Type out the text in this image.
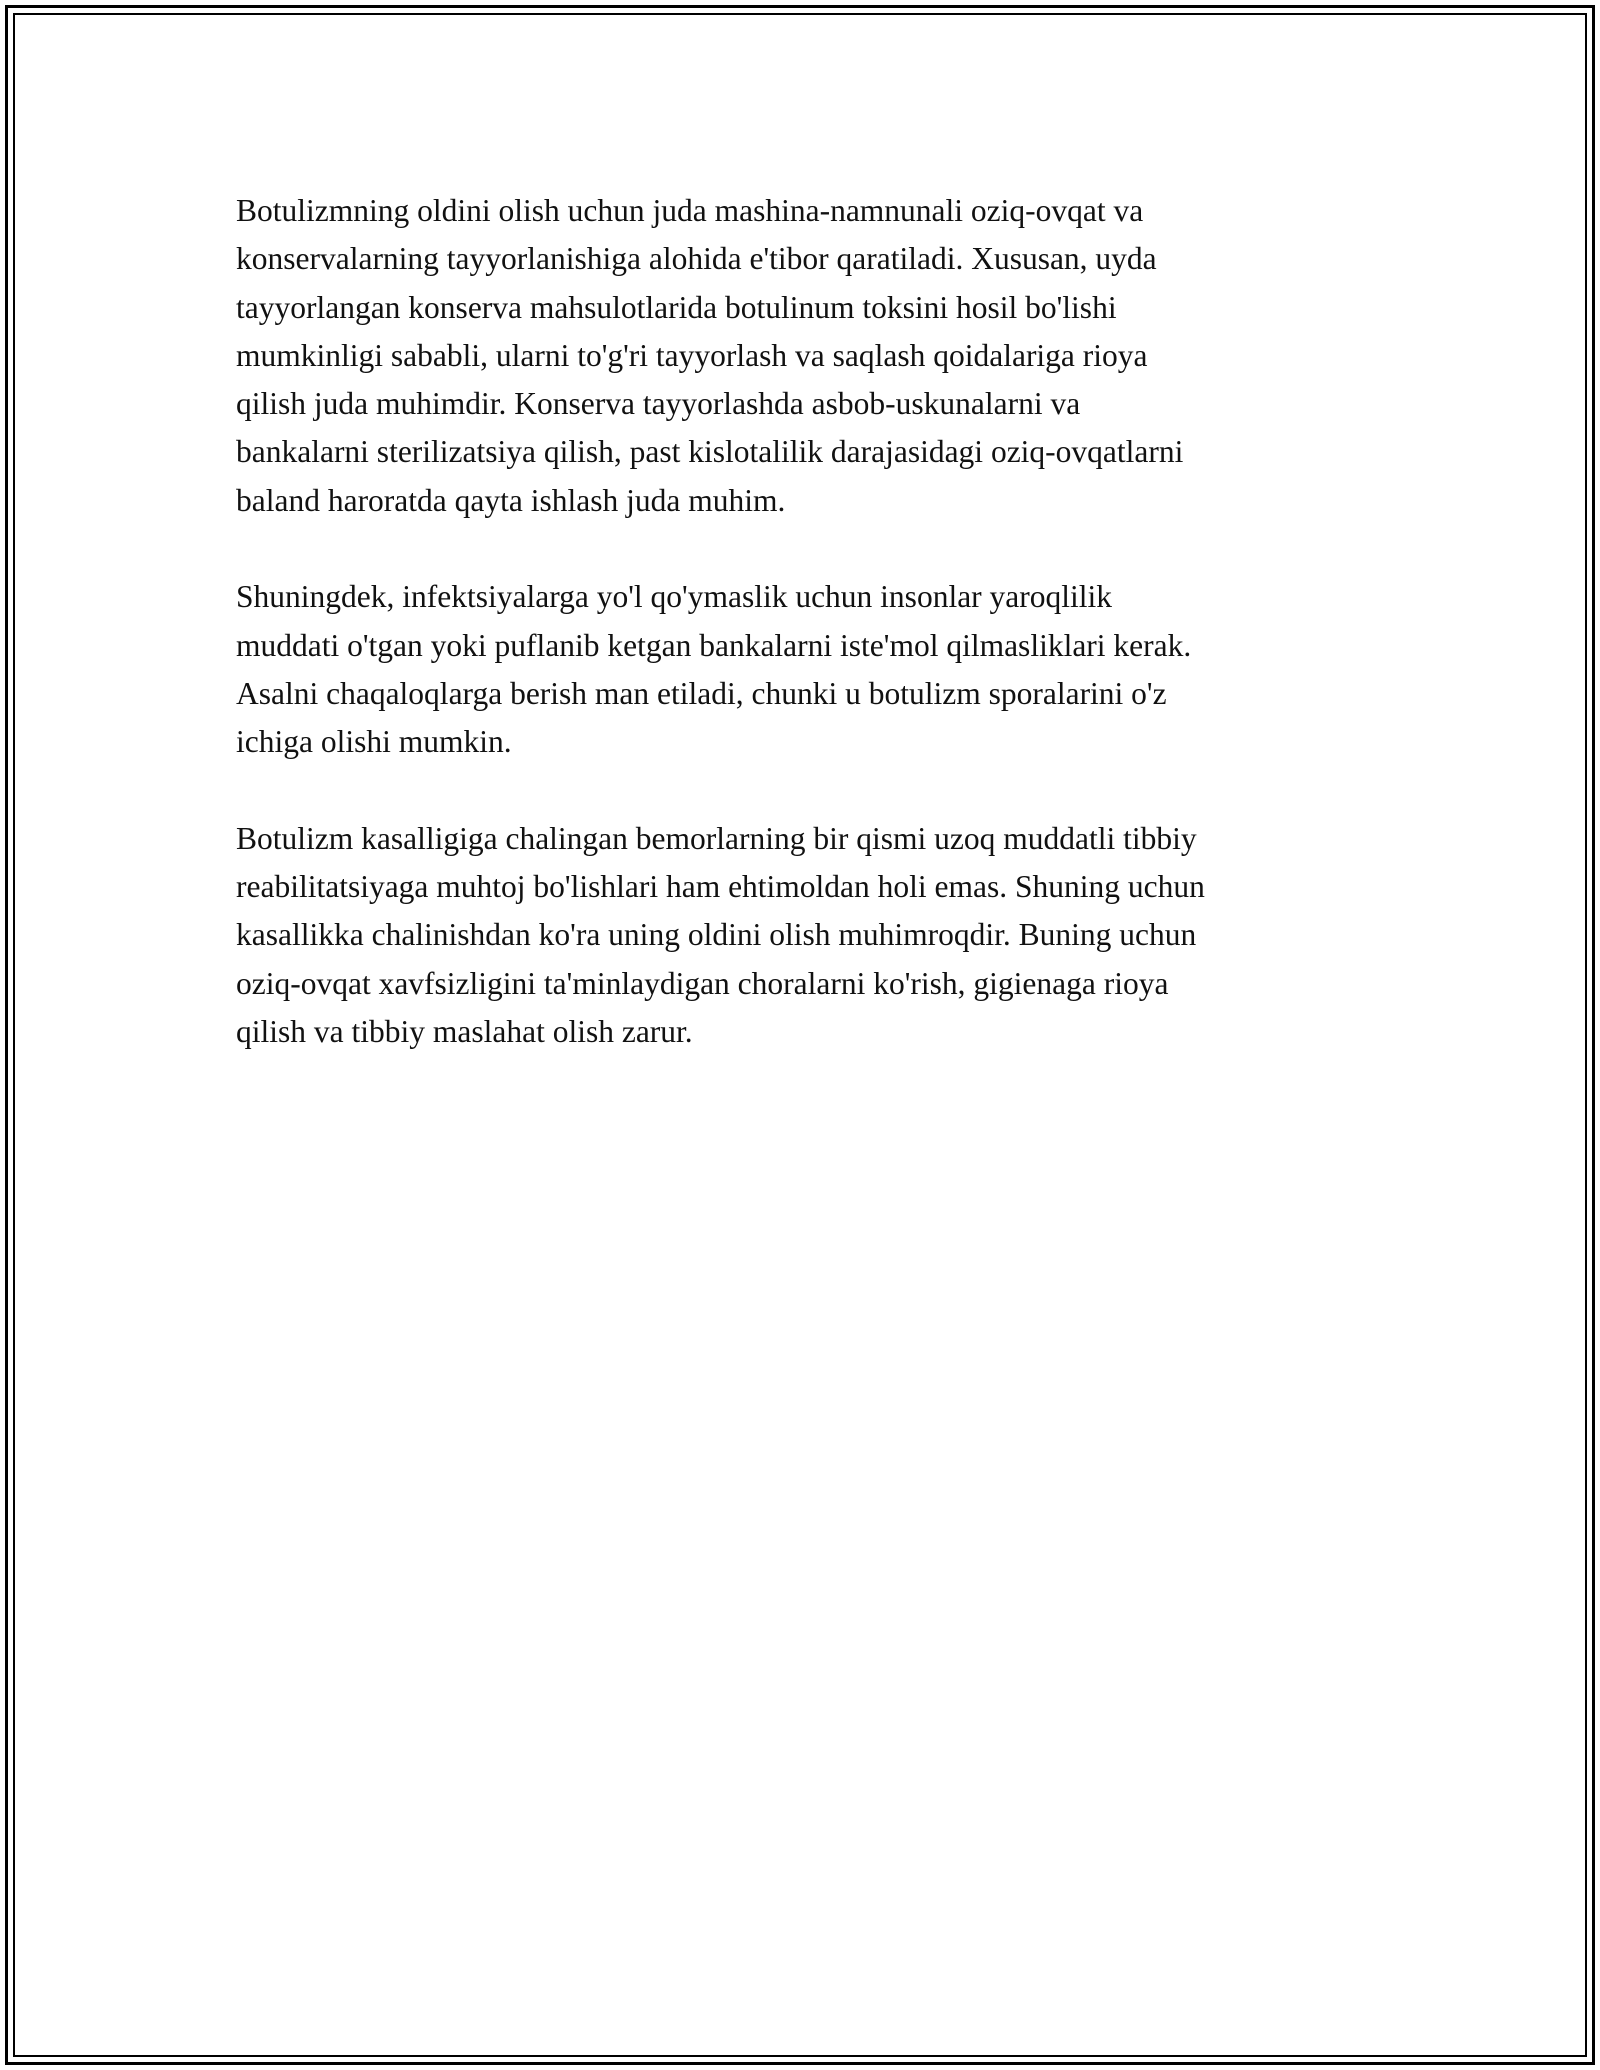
Botulizmning oldini olish uchun juda mashina-namnunali oziq-ovqat va
konservalarning tayyorlanishiga alohida e'tibor qaratiladi. Xususan, uyda
tayyorlangan konserva mahsulotlarida botulinum toksini hosil bo'lishi
mumkinligi sababli, ularni to'g'ri tayyorlash va saqlash qoidalariga rioya
qilish juda muhimdir. Konserva tayyorlashda asbob-uskunalarni va
bankalarni sterilizatsiya qilish, past kislotalilik darajasidagi oziq-ovqatlarni
baland haroratda qayta ishlash juda muhim.

Shuningdek, infektsiyalarga yo'l qo'ymaslik uchun insonlar yaroqlilik
muddati o'tgan yoki puflanib ketgan bankalarni iste'mol qilmasliklari kerak.
Asalni chaqaloqlarga berish man etiladi, chunki u botulizm sporalarini o'z
ichiga olishi mumkin.

Botulizm kasalligiga chalingan bemorlarning bir qismi uzoq muddatli tibbiy
reabilitatsiyaga muhtoj bo'lishlari ham ehtimoldan holi emas. Shuning uchun
kasallikka chalinishdan ko'ra uning oldini olish muhimroqdir. Buning uchun
oziq-ovqat xavfsizligini ta'minlaydigan choralarni ko'rish, gigienaga rioya
qilish va tibbiy maslahat olish zarur.
